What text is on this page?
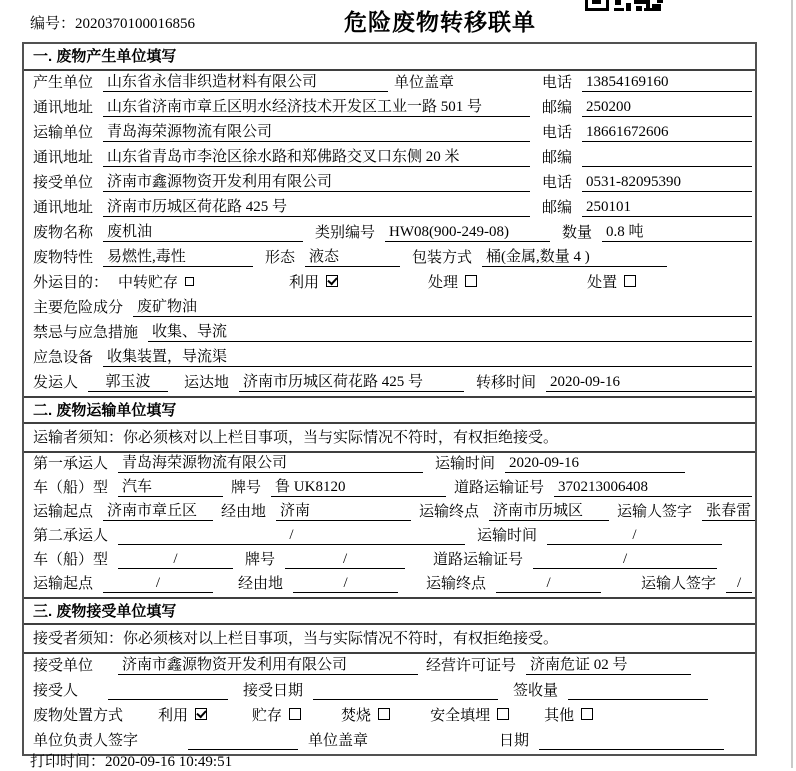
编号：2020370100016856	危险废物转移联单
一. 废物产生单位填写
产生单位 山东省永信非织造材料有限公司	单位盖章	电话 13854169160
通讯地址 山东省济南市章丘区明水经济技术开发区工业一路 501 号	邮编 250200
运输单位 青岛海荣源物流有限公司	电话 18661672606
通讯地址 山东省青岛市李沧区徐水路和郑佛路交叉口东侧 20 米	邮编
接受单位 济南市鑫源物资开发利用有限公司	电话 0531-82095390
通讯地址 济南市历城区荷花路 425 号	邮编 250101
废物名称 废机油	类别编号 HW08(900-249-08)	数量 0.8 吨
废物特性 易燃性,毒性	形态 液态	包装方式 桶(金属,数量 4 )
外运目的： 中转贮存	利用	处理	处置
主要危险成分 废矿物油
禁忌与应急措施 收集、导流
应急设备 收集装置，导流渠
发运人	郭玉波	运达地 济南市历城区荷花路 425 号	转移时间 2020-09-16
二. 废物运输单位填写
运输者须知：你必须核对以上栏目事项，当与实际情况不符时，有权拒绝接受。
第一承运人 青岛海荣源物流有限公司	运输时间 2020-09-16
车（船）型 汽车	牌号 鲁 UK8120	道路运输证号 370213006408
运输起点 济南市章丘区	经由地 济南	运输终点 济南市历城区	运输人签字 张春雷
第二承运人	/	运输时间	/
车（船）型	/	牌号	/	道路运输证号	/
运输起点	/	经由地	/	运输终点	/	运输人签字	/
三. 废物接受单位填写
接受者须知：你必须核对以上栏目事项，当与实际情况不符时，有权拒绝接受。
接受单位 济南市鑫源物资开发利用有限公司	经营许可证号 济南危证 02 号
接受人	接受日期	签收量
废物处置方式 利用	贮存	焚烧	安全填埋	其他
单位负责人签字	单位盖章	日期
打印时间：2020-09-16 10:49:51
